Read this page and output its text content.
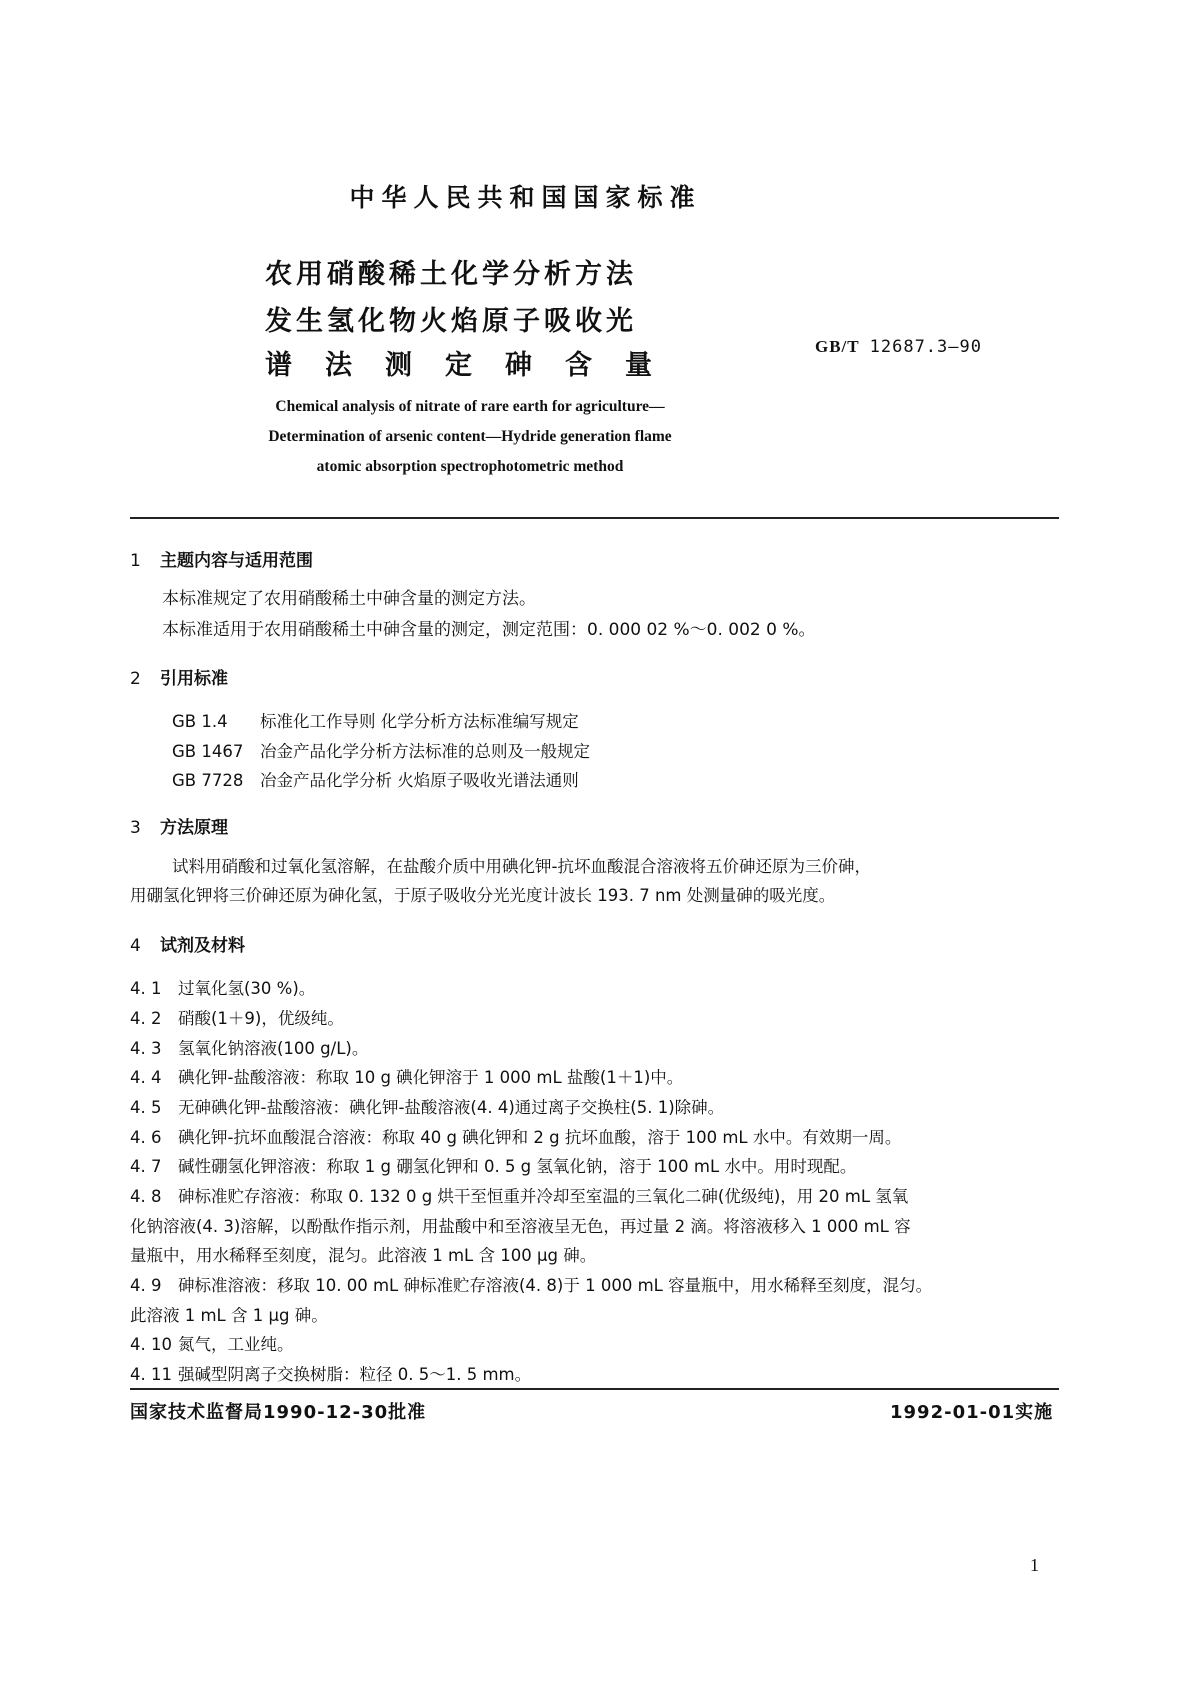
中华人民共和国国家标准
农用硝酸稀土化学分析方法
发生氢化物火焰原子吸收光
谱法测定砷含量
GB/T 12687.3—90
Chemical analysis of nitrate of rare earth for agriculture—
Determination of arsenic content—Hydride generation flame
atomic absorption spectrophotometric method
1 主题内容与适用范围
本标准规定了农用硝酸稀土中砷含量的测定方法。
本标准适用于农用硝酸稀土中砷含量的测定，测定范围：0. 000 02 %～0. 002 0 %。
2 引用标准
GB 1.4 标准化工作导则 化学分析方法标准编写规定
GB 1467 冶金产品化学分析方法标准的总则及一般规定
GB 7728 冶金产品化学分析 火焰原子吸收光谱法通则
3 方法原理
试料用硝酸和过氧化氢溶解，在盐酸介质中用碘化钾-抗坏血酸混合溶液将五价砷还原为三价砷，
用硼氢化钾将三价砷还原为砷化氢，于原子吸收分光光度计波长 193. 7 nm 处测量砷的吸光度。
4 试剂及材料
4. 1 过氧化氢(30 %)。
4. 2 硝酸(1＋9)，优级纯。
4. 3 氢氧化钠溶液(100 g/L)。
4. 4 碘化钾-盐酸溶液：称取 10 g 碘化钾溶于 1 000 mL 盐酸(1＋1)中。
4. 5 无砷碘化钾-盐酸溶液：碘化钾-盐酸溶液(4. 4)通过离子交换柱(5. 1)除砷。
4. 6 碘化钾-抗坏血酸混合溶液：称取 40 g 碘化钾和 2 g 抗坏血酸，溶于 100 mL 水中。有效期一周。
4. 7 碱性硼氢化钾溶液：称取 1 g 硼氢化钾和 0. 5 g 氢氧化钠，溶于 100 mL 水中。用时现配。
4. 8 砷标准贮存溶液：称取 0. 132 0 g 烘干至恒重并冷却至室温的三氧化二砷(优级纯)，用 20 mL 氢氧
化钠溶液(4. 3)溶解，以酚酞作指示剂，用盐酸中和至溶液呈无色，再过量 2 滴。将溶液移入 1 000 mL 容
量瓶中，用水稀释至刻度，混匀。此溶液 1 mL 含 100 μg 砷。
4. 9 砷标准溶液：移取 10. 00 mL 砷标准贮存溶液(4. 8)于 1 000 mL 容量瓶中，用水稀释至刻度，混匀。
此溶液 1 mL 含 1 μg 砷。
4. 10 氮气，工业纯。
4. 11 强碱型阴离子交换树脂：粒径 0. 5～1. 5 mm。
国家技术监督局1990-12-30批准	1992-01-01实施
1
